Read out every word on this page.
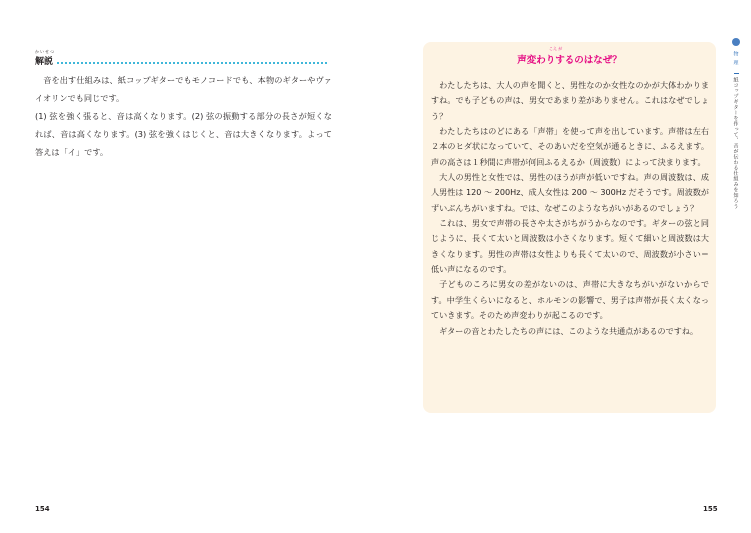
かいせつ
解説

音を出す仕組みは、紙コップギターでもモノコードでも、本物のギターやヴァイオリンでも同じです。

(1) 弦を強く張ると、音は高くなります。(2) 弦の振動する部分の長さが短くなれば、音は高くなります。(3) 弦を強くはじくと、音は大きくなります。よって答えは「イ」です。

154
こえ が
声変わりするのはなぜ？

わたしたちは、大人の声を聞くと、男性なのか女性なのかが大体わかりますね。でも子どもの声は、男女であまり差がありません。これはなぜでしょう？

わたしたちはのどにある「声帯」を使って声を出しています。声帯は左右２本のヒダ状になっていて、そのあいだを空気が通るときに、ふるえます。声の高さは１秒間に声帯が何回ふるえるか（周波数）によって決まります。

大人の男性と女性では、男性のほうが声が低いですね。声の周波数は、成人男性は 120 ～ 200Hz、成人女性は 200 ～ 300Hz だそうです。周波数がずいぶんちがいますね。では、なぜこのようなちがいがあるのでしょう？

これは、男女で声帯の長さや太さがちがうからなのです。ギターの弦と同じように、長くて太いと周波数は小さくなります。短くて細いと周波数は大きくなります。男性の声帯は女性よりも長くて太いので、周波数が小さい＝低い声になるのです。

子どものころに男女の差がないのは、声帯に大きなちがいがないからです。中学生くらいになると、ホルモンの影響で、男子は声帯が長く太くなっていきます。そのため声変わりが起こるのです。

ギターの音とわたしたちの声には、このような共通点があるのですね。

155
物理
紙コップギターを作って、音が伝わる仕組みを知ろう
